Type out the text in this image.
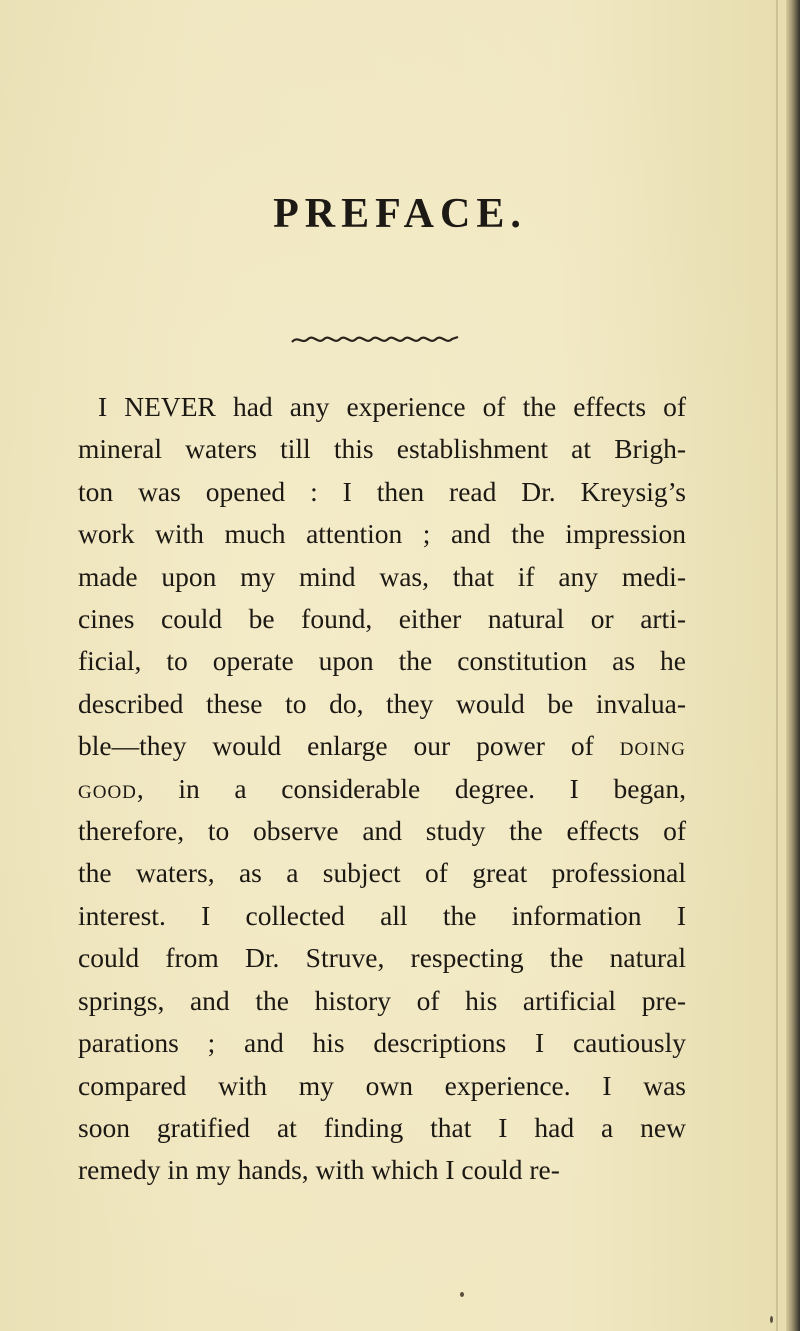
PREFACE.
I NEVER had any experience of the effects of
mineral waters till this establishment at Brigh-
ton was opened : I then read Dr. Kreysig’s
work with much attention ; and the impression
made upon my mind was, that if any medi-
cines could be found, either natural or arti-
ficial, to operate upon the constitution as he
described these to do, they would be invalua-
ble—they would enlarge our power of doing
good, in a considerable degree. I began,
therefore, to observe and study the effects of
the waters, as a subject of great professional
interest. I collected all the information I
could from Dr. Struve, respecting the natural
springs, and the history of his artificial pre-
parations ; and his descriptions I cautiously
compared with my own experience. I was
soon gratified at finding that I had a new
remedy in my hands, with which I could re-
